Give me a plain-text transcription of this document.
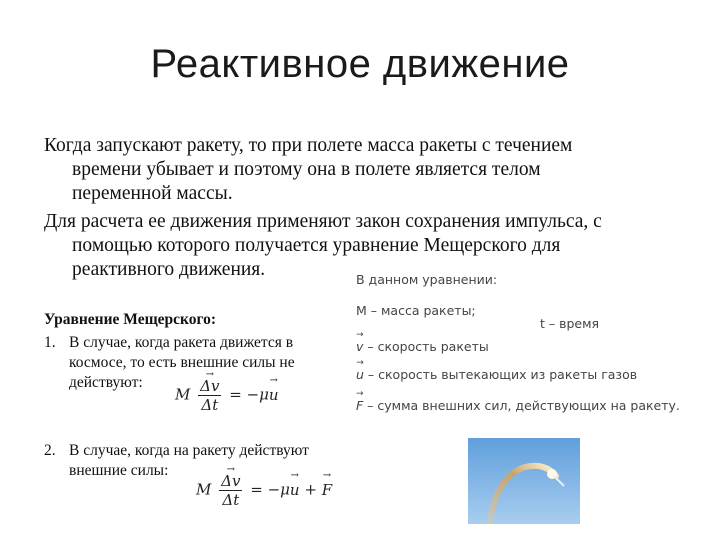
Реактивное движение
Когда запускают ракету, то при полете масса ракеты с течением
времени убывает и поэтому она в полете является телом
переменной массы.
Для расчета ее движения применяют закон сохранения импульса, с
помощью которого получается уравнение Мещерского для
реактивного движения.
Уравнение Мещерского:
1. В случае, когда ракета движется в
космосе, то есть внешние силы не
действуют:
M
→ $\frac{\Delta v}{\Delta t} = -\mu\to u$
2. В случае, когда на ракету действуют
внешние силы:
M
→ $\frac{\Delta v}{\Delta t} = -\mu\to u$ + → F
В данном уравнении:
М – масса ракеты;
t – время
→ v – скорость ракеты
→ u – скорость вытекающих из ракеты газов
→ F – сумма внешних сил, действующих на ракету.
